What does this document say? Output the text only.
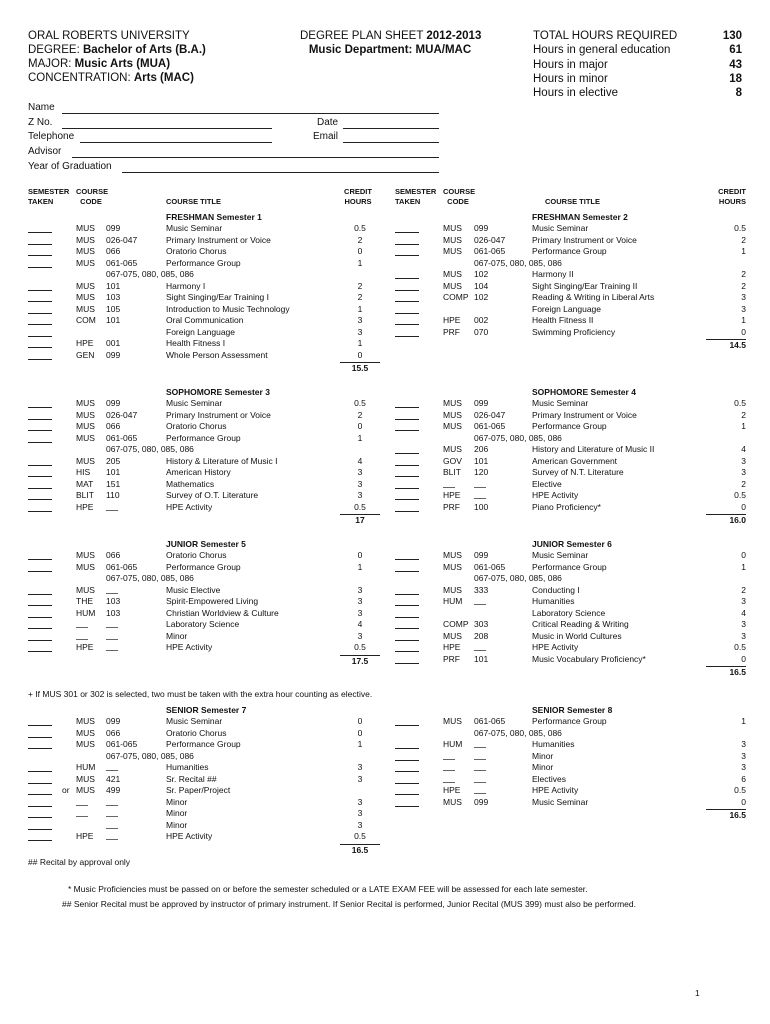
ORAL ROBERTS UNIVERSITY
DEGREE: Bachelor of Arts (B.A.)
MAJOR: Music Arts (MUA)
CONCENTRATION: Arts (MAC)
DEGREE PLAN SHEET 2012-2013
Music Department: MUA/MAC
TOTAL HOURS REQUIRED	130
Hours in general education	61
Hours in major	43
Hours in minor	18
Hours in elective	8
Name
Z No.	Date
Telephone	Email
Advisor
Year of Graduation
SEMESTER
TAKEN
COURSE
CODE	COURSE TITLE
CREDIT
HOURS
SEMESTER
TAKEN
COURSE
CODE	COURSE TITLE
CREDIT
HOURS
FRESHMAN Semester 1
MUS 099	Music Seminar	0.5
MUS 026-047	Primary Instrument or Voice	2
MUS 066	Oratorio Chorus	0
MUS 061-065	Performance Group	1
067-075, 080, 085, 086
MUS 101	Harmony I	2
MUS 103	Sight Singing/Ear Training I	2
MUS 105	Introduction to Music Technology	1
COM 101	Oral Communication	3
Foreign Language	3
HPE 001	Health Fitness I	1
GEN 099	Whole Person Assessment	0
15.5
FRESHMAN Semester 2
MUS 099	Music Seminar	0.5
MUS 026-047	Primary Instrument or Voice	2
MUS 061-065	Performance Group	1
067-075, 080, 085, 086
MUS 102	Harmony II	2
MUS 104	Sight Singing/Ear Training II	2
COMP 102	Reading & Writing in Liberal Arts	3
Foreign Language	3
HPE 002	Health Fitness II	1
PRF 070	Swimming Proficiency	0
14.5
SOPHOMORE Semester 3
MUS 099	Music Seminar	0.5
MUS 026-047	Primary Instrument or Voice	2
MUS 066	Oratorio Chorus	0
MUS 061-065	Performance Group	1
067-075, 080, 085, 086
MUS 205	History & Literature of Music I	4
HIS 101	American History	3
MAT 151	Mathematics	3
BLIT 110	Survey of O.T. Literature	3
HPE	HPE Activity	0.5
17
SOPHOMORE Semester 4
MUS 099	Music Seminar	0.5
MUS 026-047	Primary Instrument or Voice	2
MUS 061-065	Performance Group	1
067-075, 080, 085, 086
MUS 206	History and Literature of Music II	4
GOV 101	American Government	3
BLIT 120	Survey of N.T. Literature	3
Elective	2
HPE	HPE Activity	0.5
PRF 100	Piano Proficiency*	0
16.0
JUNIOR Semester 5
MUS 066	Oratorio Chorus	0
MUS 061-065	Performance Group	1
067-075, 080, 085, 086
MUS	Music Elective	3
THE 103	Spirit-Empowered Living	3
HUM 103	Christian Worldview & Culture	3
Laboratory Science	4
Minor	3
HPE	HPE Activity	0.5
17.5
JUNIOR Semester 6
MUS 099	Music Seminar	0
MUS 061-065	Performance Group	1
067-075, 080, 085, 086
MUS 333	Conducting I	2
HUM	Humanities	3
Laboratory Science	4
COMP 303	Critical Reading & Writing	3
MUS 208	Music in World Cultures	3
HPE	HPE Activity	0.5
PRF 101	Music Vocabulary Proficiency*	0
16.5
SENIOR Semester 7
MUS 099	Music Seminar	0
MUS 066	Oratorio Chorus	0
MUS 061-065	Performance Group	1
067-075, 080, 085, 086
HUM	Humanities	3
MUS 421	Sr. Recital ##	3
or MUS 499	Sr. Paper/Project
Minor	3
Minor	3
Minor	3
HPE	HPE Activity	0.5
16.5
SENIOR Semester 8
MUS 061-065	Performance Group	1
067-075, 080, 085, 086
HUM	Humanities	3
Minor	3
Minor	3
Electives	6
HPE	HPE Activity	0.5
MUS 099	Music Seminar	0
16.5
+ If MUS 301 or 302 is selected, two must be taken with the extra hour counting as elective.
## Recital by approval only
* Music Proficiencies must be passed on or before the semester scheduled or a LATE EXAM FEE will be assessed for each late semester.
## Senior Recital must be approved by instructor of primary instrument. If Senior Recital is performed, Junior Recital (MUS 399) must also be performed.
1
